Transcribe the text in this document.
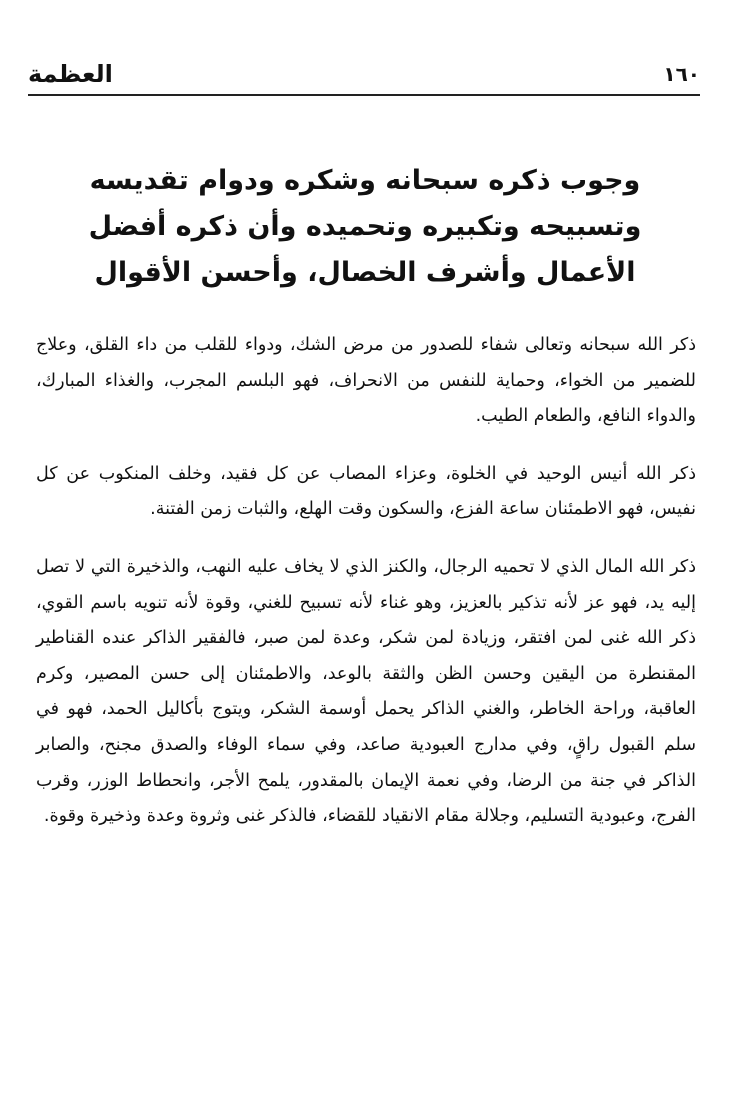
العظمة	١٦٠
وجوب ذكره سبحانه وشكره ودوام تقديسه وتسبيحه وتكبيره وتحميده وأن ذكره أفضل الأعمال وأشرف الخصال، وأحسن الأقوال

ذكر الله سبحانه وتعالى شفاء للصدور من مرض الشك، ودواء للقلب من داء القلق، وعلاج للضمير من الخواء، وحماية للنفس من الانحراف، فهو البلسم المجرب، والغذاء المبارك، والدواء النافع، والطعام الطيب.

ذكر الله أنيس الوحيد في الخلوة، وعزاء المصاب عن كل فقيد، وخلف المنكوب عن كل نفيس، فهو الاطمئنان ساعة الفزع، والسكون وقت الهلع، والثبات زمن الفتنة.

ذكر الله المال الذي لا تحميه الرجال، والكنز الذي لا يخاف عليه النهب، والذخيرة التي لا تصل إليه يد، فهو عز لأنه تذكير بالعزيز، وهو غناء لأنه تسبيح للغني، وقوة لأنه تنويه باسم القوي، ذكر الله غنى لمن افتقر، وزيادة لمن شكر، وعدة لمن صبر، فالفقير الذاكر عنده القناطير المقنطرة من اليقين وحسن الظن والثقة بالوعد، والاطمئنان إلى حسن المصير، وكرم العاقبة، وراحة الخاطر، والغني الذاكر يحمل أوسمة الشكر، ويتوج بأكاليل الحمد، فهو في سلم القبول راقٍ، وفي مدارج العبودية صاعد، وفي سماء الوفاء والصدق مجنح، والصابر الذاكر في جنة من الرضا، وفي نعمة الإيمان بالمقدور، يلمح الأجر، وانحطاط الوزر، وقرب الفرج، وعبودية التسليم، وجلالة مقام الانقياد للقضاء، فالذكر غنى وثروة وعدة وذخيرة وقوة.
